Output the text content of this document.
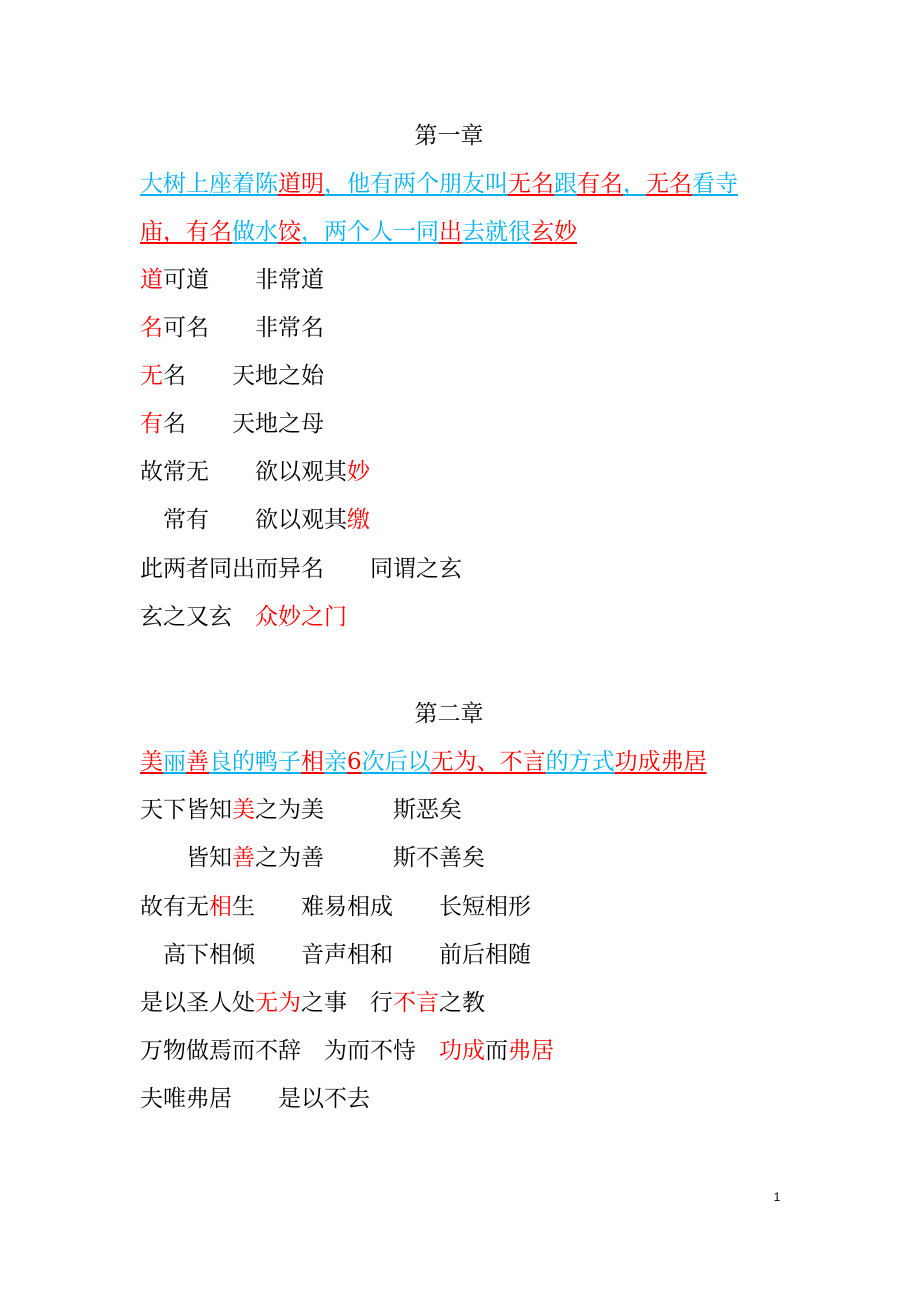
第一章
大树上座着陈道明，他有两个朋友叫无名跟有名，无名看寺
庙，有名做水饺，两个人一同出去就很玄妙
道可道　　非常道
名可名　　非常名
无名　　天地之始
有名　　天地之母
故常无　　欲以观其妙
　常有　　欲以观其缴
此两者同出而异名　　同谓之玄
玄之又玄　众妙之门
第二章
美丽善良的鸭子相亲6次后以无为、不言的方式功成弗居
天下皆知美之为美　　　斯恶矣
　　皆知善之为善　　　斯不善矣
故有无相生　　难易相成　　长短相形
　高下相倾　　音声相和　　前后相随
是以圣人处无为之事　行不言之教
万物做焉而不辞　为而不恃　功成而弗居
夫唯弗居　　是以不去
1
